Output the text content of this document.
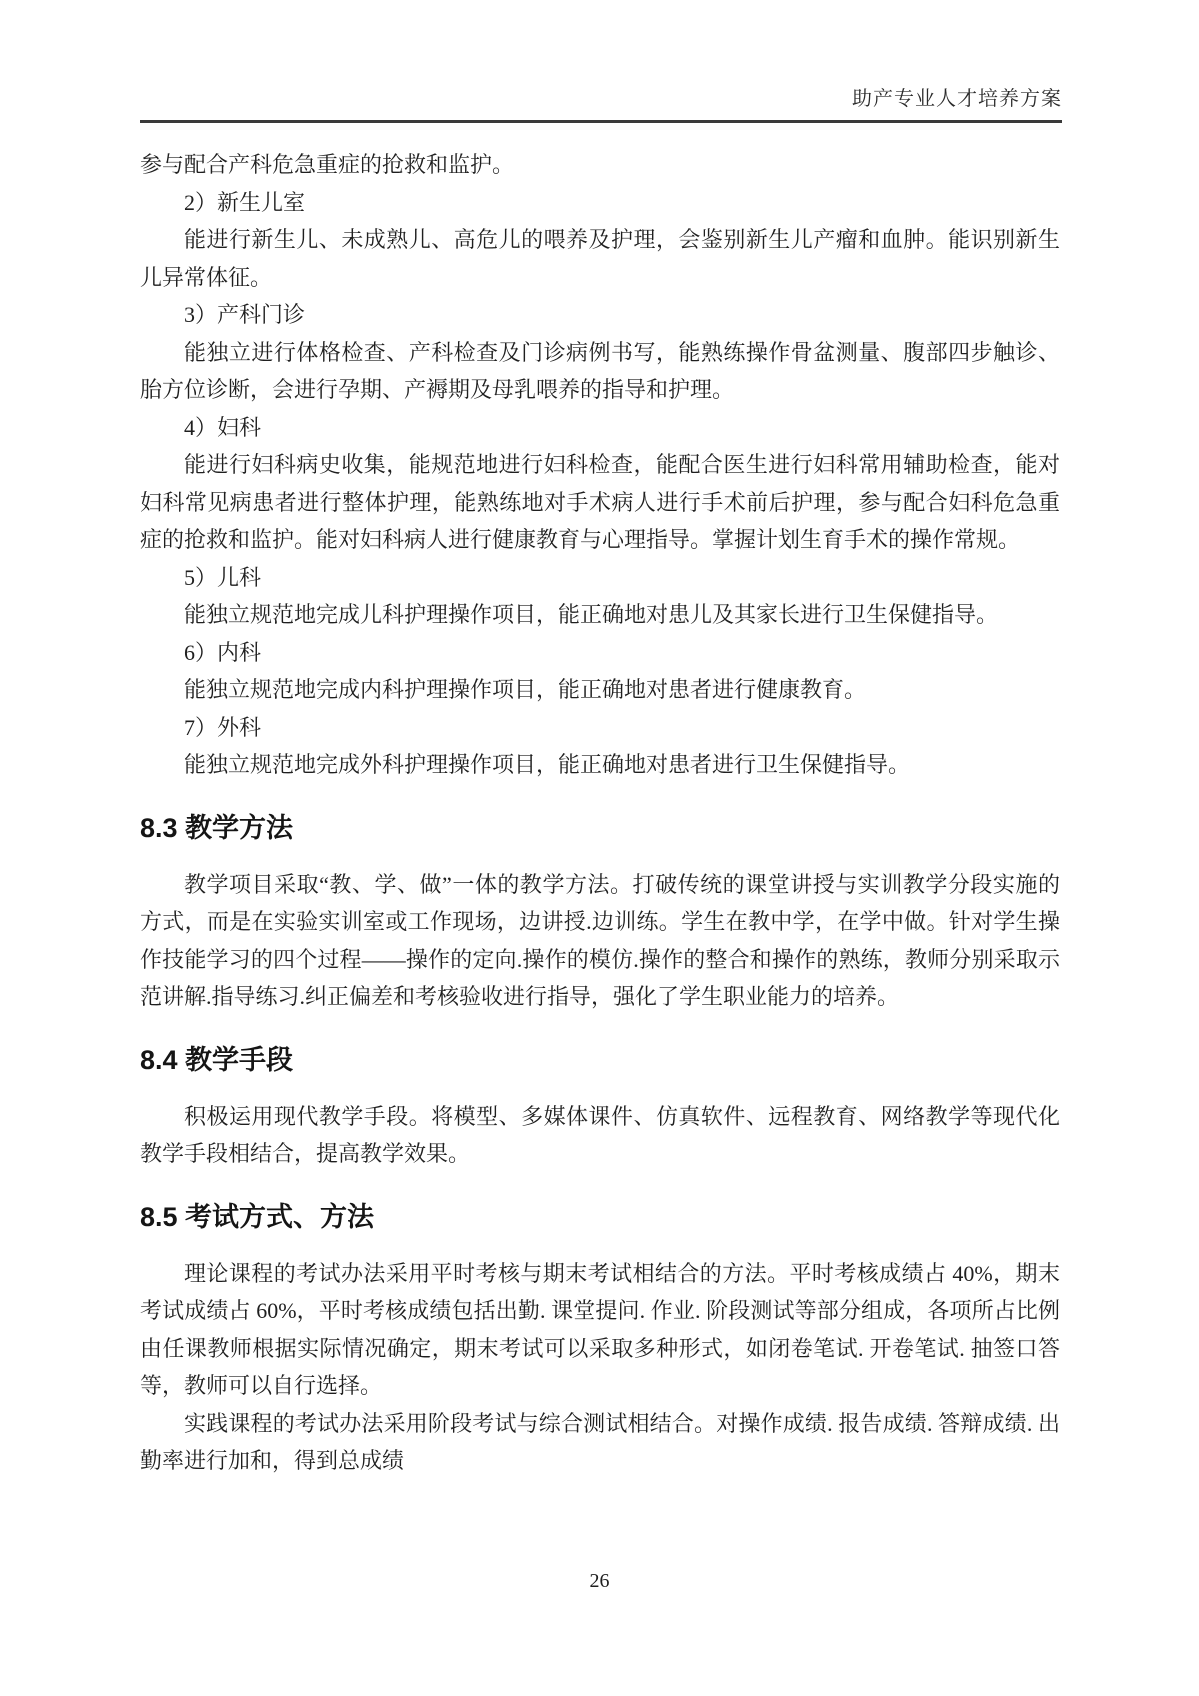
助产专业人才培养方案

参与配合产科危急重症的抢救和监护。

2）新生儿室

能进行新生儿、未成熟儿、高危儿的喂养及护理，会鉴别新生儿产瘤和血肿。能识别新生儿异常体征。

3）产科门诊

能独立进行体格检查、产科检查及门诊病例书写，能熟练操作骨盆测量、腹部四步触诊、胎方位诊断，会进行孕期、产褥期及母乳喂养的指导和护理。

4）妇科

能进行妇科病史收集，能规范地进行妇科检查，能配合医生进行妇科常用辅助检查，能对妇科常见病患者进行整体护理，能熟练地对手术病人进行手术前后护理，参与配合妇科危急重症的抢救和监护。能对妇科病人进行健康教育与心理指导。掌握计划生育手术的操作常规。

5）儿科

能独立规范地完成儿科护理操作项目，能正确地对患儿及其家长进行卫生保健指导。

6）内科

能独立规范地完成内科护理操作项目，能正确地对患者进行健康教育。

7）外科

能独立规范地完成外科护理操作项目，能正确地对患者进行卫生保健指导。

8.3 教学方法

教学项目采取“教、学、做”一体的教学方法。打破传统的课堂讲授与实训教学分段实施的方式，而是在实验实训室或工作现场，边讲授.边训练。学生在教中学，在学中做。针对学生操作技能学习的四个过程——操作的定向.操作的模仿.操作的整合和操作的熟练，教师分别采取示范讲解.指导练习.纠正偏差和考核验收进行指导，强化了学生职业能力的培养。

8.4 教学手段

积极运用现代教学手段。将模型、多媒体课件、仿真软件、远程教育、网络教学等现代化教学手段相结合，提高教学效果。

8.5 考试方式、方法

理论课程的考试办法采用平时考核与期末考试相结合的方法。平时考核成绩占 40%，期末考试成绩占 60%，平时考核成绩包括出勤. 课堂提问. 作业. 阶段测试等部分组成，各项所占比例由任课教师根据实际情况确定，期末考试可以采取多种形式，如闭卷笔试. 开卷笔试. 抽签口答等，教师可以自行选择。

实践课程的考试办法采用阶段考试与综合测试相结合。对操作成绩. 报告成绩. 答辩成绩. 出勤率进行加和，得到总成绩

26
